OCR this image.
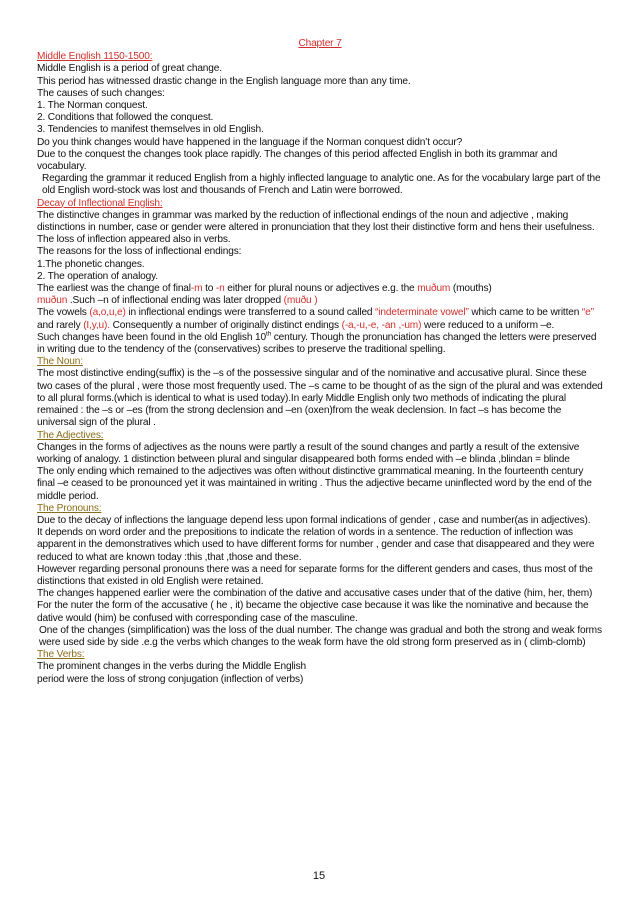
Chapter 7

Middle English 1150-1500:

Middle English is a period of great change.

This period has witnessed drastic change in the English language more than any time.

The causes of such changes:

1. The Norman conquest.

2. Conditions that followed the conquest.

3. Tendencies to manifest themselves in old English.

Do you think changes would have happened in the language if the Norman conquest didn’t occur?

Due to the conquest the changes took place rapidly. The changes of this period affected English in both its grammar and vocabulary.

Regarding the grammar it reduced English from a highly inflected language to analytic one. As for the vocabulary large part of the old English word-stock was lost and thousands of French and Latin were borrowed.

Decay of Inflectional English:

The distinctive changes in grammar was marked by the reduction of inflectional endings of the noun and adjective , making distinctions in number, case or gender were altered in pronunciation that they lost their distinctive form and hens their usefulness.

The loss of inflection appeared also in verbs.

The reasons for the loss of inflectional endings:

1.The phonetic changes.

2. The operation of analogy.

The earliest was the change of final-m to -n either for plural nouns or adjectives e.g. the muðum (mouths)
muðun .Such –n of inflectional ending was later dropped (muðu )

The vowels (a,o,u,e) in inflectional endings were transferred to a sound called “indeterminate vowel” which came to be written “e” and rarely (I,y,u). Consequently a number of originally distinct endings (-a,-u,-e, -an ,-um) were reduced to a uniform –e.

Such changes have been found in the old English 10th century. Though the pronunciation has changed the letters were preserved in writing due to the tendency of the (conservatives) scribes to preserve the traditional spelling.

The Noun:

The most distinctive ending(suffix) is the –s of the possessive singular and of the nominative and accusative plural. Since these two cases of the plural , were those most frequently used. The –s came to be thought of as the sign of the plural and was extended to all plural forms.(which is identical to what is used today).In early Middle English only two methods of indicating the plural remained : the –s or –es (from the strong declension and –en (oxen)from the weak declension. In fact –s has become the universal sign of the plural .

The Adjectives:

Changes in the forms of adjectives as the nouns were partly a result of the sound changes and partly a result of the extensive working of analogy. 1 distinction between plural and singular disappeared both forms ended with –e blinda ,blindan = blinde

The only ending which remained to the adjectives was often without distinctive grammatical meaning. In the fourteenth century final –e ceased to be pronounced yet it was maintained in writing . Thus the adjective became uninflected word by the end of the middle period.

The Pronouns:

Due to the decay of inflections the language depend less upon formal indications of gender , case and number(as in adjectives).

It depends on word order and the prepositions to indicate the relation of words in a sentence. The reduction of inflection was apparent in the demonstratives which used to have different forms for number , gender and case that disappeared and they were reduced to what are known today :this ,that ,those and these.

However regarding personal pronouns there was a need for separate forms for the different genders and cases, thus most of the distinctions that existed in old English were retained.

The changes happened earlier were the combination of the dative and accusative cases under that of the dative (him, her, them)

For the nuter the form of the accusative ( he , it) became the objective case because it was like the nominative and because the dative would (him) be confused with corresponding case of the masculine.

One of the changes (simplification) was the loss of the dual number. The change was gradual and both the strong and weak forms were used side by side .e.g the verbs which changes to the weak form have the old strong form preserved as in ( climb-clomb)

The Verbs:

The prominent changes in the verbs during the Middle English

period were the loss of strong conjugation (inflection of verbs)

15
